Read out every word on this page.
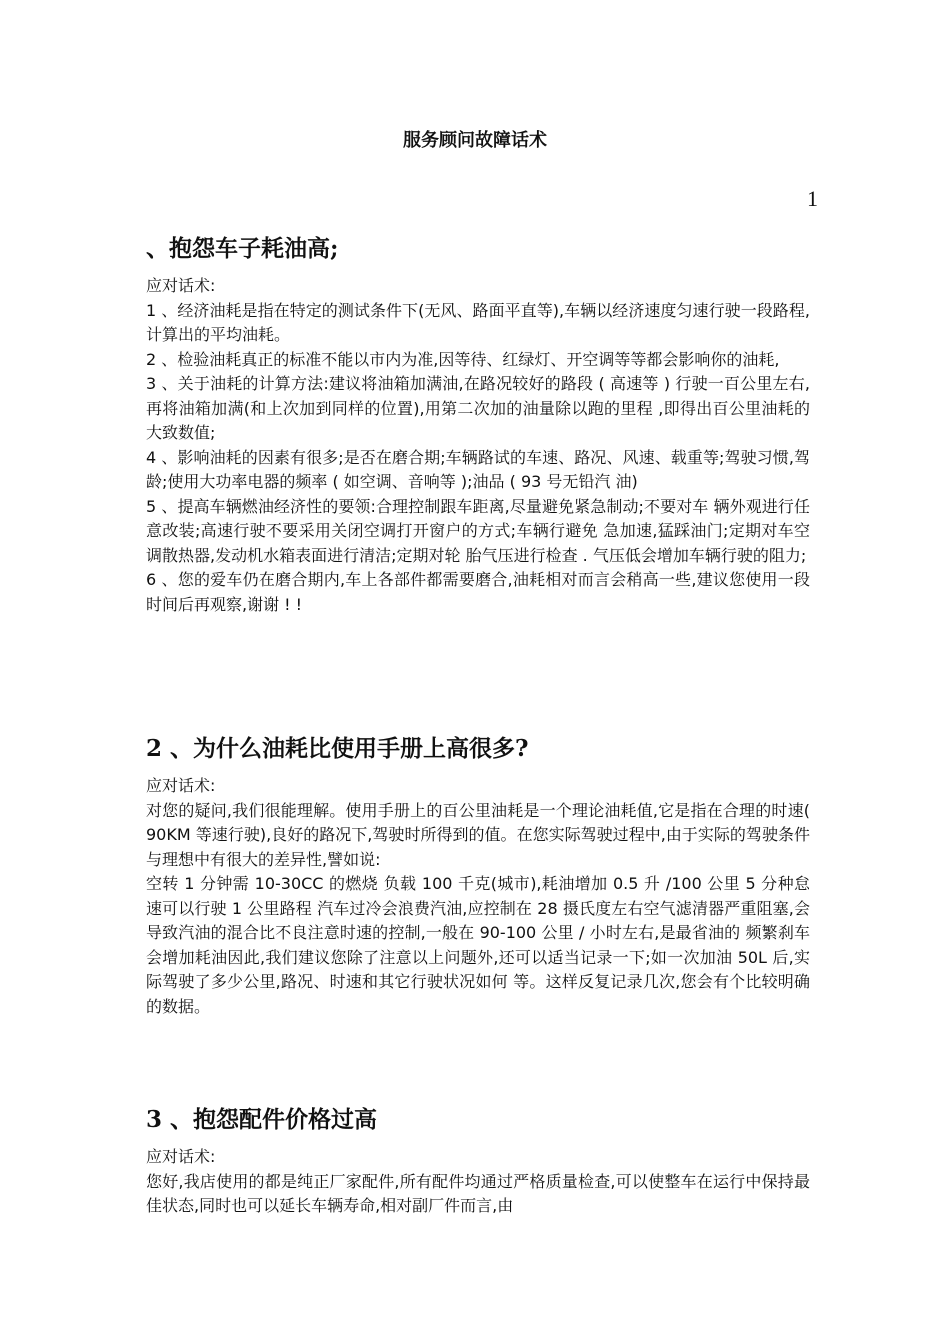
服务顾问故障话术
1
、抱怨车子耗油高;
应对话术:

1 、经济油耗是指在特定的测试条件下(无风、路面平直等),车辆以经济速度匀速行驶一段路程,计算出的平均油耗。

2 、检验油耗真正的标准不能以市内为准,因等待、红绿灯、开空调等等都会影响你的油耗,

3 、关于油耗的计算方法:建议将油箱加满油,在路况较好的路段 ( 高速等 ) 行驶一百公里左右,再将油箱加满(和上次加到同样的位置),用第二次加的油量除以跑的里程 ,即得出百公里油耗的大致数值;

4 、影响油耗的因素有很多;是否在磨合期;车辆路试的车速、路况、风速、载重等;驾驶习惯,驾龄;使用大功率电器的频率 ( 如空调、音响等 );油品 ( 93 号无铅汽 油)

5 、提高车辆燃油经济性的要领:合理控制跟车距离,尽量避免紧急制动;不要对车 辆外观进行任意改装;高速行驶不要采用关闭空调打开窗户的方式;车辆行避免 急加速,猛踩油门;定期对车空调散热器,发动机水箱表面进行清洁;定期对轮 胎气压进行检查 . 气压低会增加车辆行驶的阻力;

6 、您的爱车仍在磨合期内,车上各部件都需要磨合,油耗相对而言会稍高一些,建议您使用一段时间后再观察,谢谢 ! !

2 、为什么油耗比使用手册上高很多?
应对话术:

对您的疑问,我们很能理解。使用手册上的百公里油耗是一个理论油耗值,它是指在合理的时速( 90KM 等速行驶),良好的路况下,驾驶时所得到的值。在您实际驾驶过程中,由于实际的驾驶条件与理想中有很大的差异性,譬如说:

空转 1 分钟需 10-30CC 的燃烧 负载 100 千克(城市),耗油增加 0.5 升 /100 公里 5 分种怠速可以行驶 1 公里路程 汽车过冷会浪费汽油,应控制在 28 摄氏度左右空气滤清器严重阻塞,会导致汽油的混合比不良注意时速的控制,一般在 90-100 公里 / 小时左右,是最省油的 频繁刹车会增加耗油因此,我们建议您除了注意以上问题外,还可以适当记录一下;如一次加油 50L 后,实际驾驶了多少公里,路况、时速和其它行驶状况如何 等。这样反复记录几次,您会有个比较明确的数据。

3 、抱怨配件价格过高
应对话术:

您好,我店使用的都是纯正厂家配件,所有配件均通过严格质量检查,可以使整车在运行中保持最佳状态,同时也可以延长车辆寿命,相对副厂件而言,由
